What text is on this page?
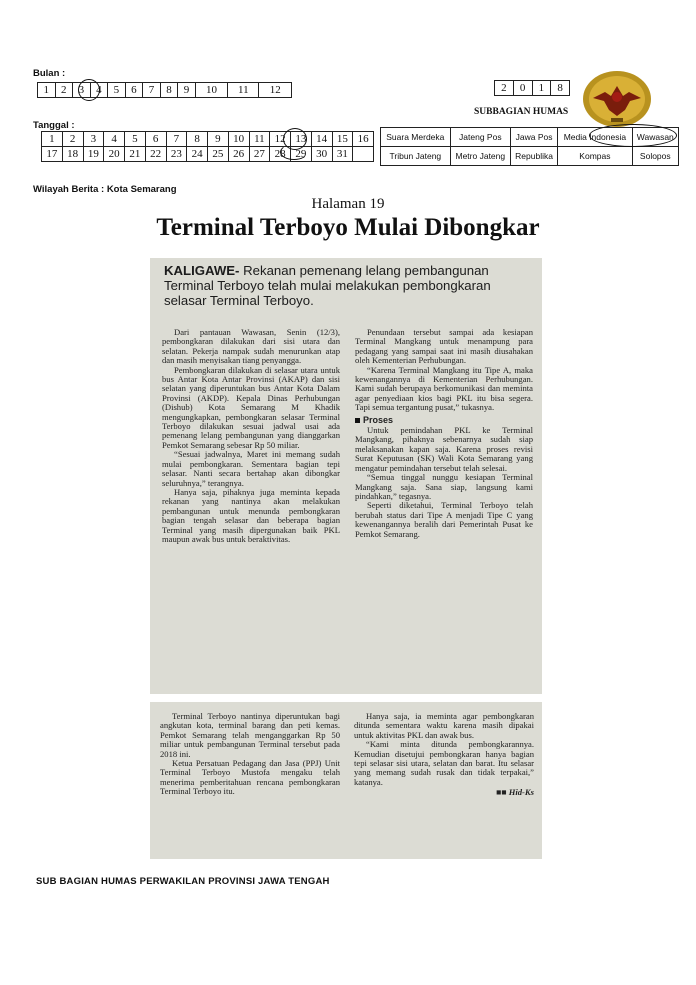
Bulan :
1	2	3	4	5	6	7	8	9	10	11	12
Tanggal :
1	2	3	4	5	6	7	8	9	10	11	12	13	14	15	16
17	18	19	20	21	22	23	24	25	26	27	28	29	30	31	
Wilayah Berita : Kota Semarang
2	0	1	8
SUBBAGIAN HUMAS
Suara Merdeka	Jateng Pos	Jawa Pos	Media Indonesia	Wawasan
Tribun Jateng	Metro Jateng	Republika	Kompas	Solopos
Halaman 19
Terminal Terboyo Mulai Dibongkar
KALIGAWE- Rekanan pemenang lelang pembangunan Terminal Terboyo telah mulai melakukan pembongkaran selasar Terminal Terboyo.

Dari pantauan Wawasan, Senin (12/3), pembongkaran dilakukan dari sisi utara dan selatan. Pekerja nampak sudah menurunkan atap dan masih menyisakan tiang penyangga.

Pembongkaran dilakukan di selasar utara untuk bus Antar Kota Antar Provinsi (AKAP) dan sisi selatan yang diperuntukan bus Antar Kota Dalam Provinsi (AKDP). Kepala Dinas Perhubungan (Dishub) Kota Semarang M Khadik mengungkapkan, pembongkaran selasar Terminal Terboyo dilakukan sesuai jadwal usai ada pemenang lelang pembangunan yang dianggarkan Pemkot Semarang sebesar Rp 50 miliar.

“Sesuai jadwalnya, Maret ini memang sudah mulai pembongkaran. Sementara bagian tepi selasar. Nanti secara bertahap akan dibongkar seluruhnya,” terangnya.

Hanya saja, pihaknya juga meminta kepada rekanan yang nantinya akan melakukan pembangunan untuk menunda pembongkaran bagian tengah selasar dan beberapa bagian Terminal yang masih dipergunakan baik PKL maupun awak bus untuk beraktivitas.

Penundaan tersebut sampai ada kesiapan Terminal Mangkang untuk menampung para pedagang yang sampai saat ini masih diusahakan oleh Kementerian Perhubungan.

“Karena Terminal Mangkang itu Tipe A, maka kewenangannya di Kementerian Perhubungan. Kami sudah berupaya berkomunikasi dan meminta agar penyediaan kios bagi PKL itu bisa segera. Tapi semua tergantung pusat,” tukasnya.

Proses

Untuk pemindahan PKL ke Terminal Mangkang, pihaknya sebenarnya sudah siap melaksanakan kapan saja. Karena proses revisi Surat Keputusan (SK) Wali Kota Semarang yang mengatur pemindahan tersebut telah selesai.

“Semua tinggal nunggu kesiapan Terminal Mangkang saja. Sana siap, langsung kami pindahkan,” tegasnya.

Seperti diketahui, Terminal Terboyo telah berubah status dari Tipe A menjadi Tipe C yang kewenangannya beralih dari Pemerintah Pusat ke Pemkot Semarang.

Terminal Terboyo nantinya diperuntukan bagi angkutan kota, terminal barang dan peti kemas. Pemkot Semarang telah menganggarkan Rp 50 miliar untuk pembangunan Terminal tersebut pada 2018 ini.

Ketua Persatuan Pedagang dan Jasa (PPJ) Unit Terminal Terboyo Mustofa mengaku telah menerima pemberitahuan rencana pembongkaran Terminal Terboyo itu.

Hanya saja, ia meminta agar pembongkaran ditunda sementara waktu karena masih dipakai untuk aktivitas PKL dan awak bus.

“Kami minta ditunda pembongkarannya. Kemudian disetujui pembongkaran hanya bagian tepi selasar sisi utara, selatan dan barat. Itu selasar yang memang sudah rusak dan tidak terpakai,” katanya.

■■ Hid-Ks
SUB BAGIAN HUMAS PERWAKILAN PROVINSI JAWA TENGAH
